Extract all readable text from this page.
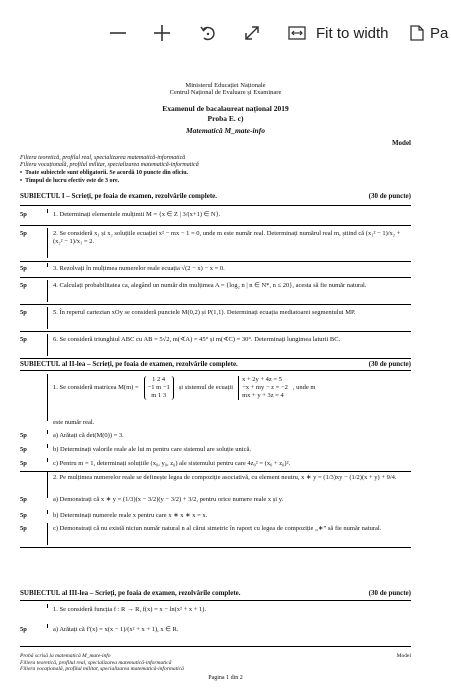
Fit to width	Pa
Ministerul Educației Naționale
Centrul Național de Evaluare și Examinare
Examenul de bacalaureat național 2019
Proba E. c)
Matematică M_mate-info
Model
Filiera teoretică, profilul real, specializarea matematică-informatică
Filiera vocațională, profilul militar, specializarea matematică-informatică
•  Toate subiectele sunt obligatorii. Se acordă 10 puncte din oficiu.
•  Timpul de lucru efectiv este de 3 ore.
SUBIECTUL I – Scrieți, pe foaia de examen, rezolvările complete.	(30 de puncte)
5p	1. Determinați elementele mulțimii M = {x ∈ Z | 3/(x+1) ∈ N}.
5p	2. Se consideră x₁ și x₂ soluțiile ecuației x² − mx − 1 = 0, unde m este număr real. Determinați numărul real m, știind că (x₁² − 1)/x₂ + (x₂² − 1)/x₁ = 2.
5p	3. Rezolvați în mulțimea numerelor reale ecuația √(2 − x) − x = 0.
5p	4. Calculați probabilitatea ca, alegând un număr din mulțimea A = {log₂ n | n ∈ N*, n ≤ 20}, acesta să fie număr natural.
5p	5. În reperul cartezian xOy se consideră punctele M(0,2) și P(1,1). Determinați ecuația mediatoarei segmentului MP.
5p	6. Se consideră triunghiul ABC cu AB = 5√2, m(∢A) = 45° și m(∢C) = 30°. Determinați lungimea laturii BC.
SUBIECTUL al II-lea – Scrieți, pe foaia de examen, rezolvările complete.	(30 de puncte)
1. Se consideră matricea M(m) =
1 2 4
−1 m −1
m 1 3
și sistemul de ecuații
x + 2y + 4z = 5
−x + my − z = −2
mx + y + 3z = 4
, unde m
este număr real.
5p	a) Arătați că det(M(0)) = 3.
5p	b) Determinați valorile reale ale lui m pentru care sistemul are soluție unică.
5p	c) Pentru m = 1, determinați soluțiile (x₀, y₀, z₀) ale sistemului pentru care 4z₀² = (x₀ + z₀)².
2. Pe mulțimea numerelor reale se definește legea de compoziție asociativă, cu element neutru, x ∗ y = (1/3)xy − (1/2)(x + y) + 9/4.
5p	a) Demonstrați că x ∗ y = (1/3)(x − 3/2)(y − 3/2) + 3/2, pentru orice numere reale x și y.
5p	b) Determinați numerele reale x pentru care x ∗ x ∗ x = x.
5p	c) Demonstrați că nu există niciun număr natural n al cărui simetric în raport cu legea de compoziție „∗” să fie număr natural.
SUBIECTUL al III-lea – Scrieți, pe foaia de examen, rezolvările complete.	(30 de puncte)
1. Se consideră funcția f : R → R, f(x) = x − ln(x² + x + 1).
5p	a) Arătați că f′(x) = x(x − 1)/(x² + x + 1), x ∈ R.
Probă scrisă la matematică M_mate-info
Filiera teoretică, profilul real, specializarea matematică-informatică
Filiera vocațională, profilul militar, specializarea matematică-informatică
Model
Pagina 1 din 2
